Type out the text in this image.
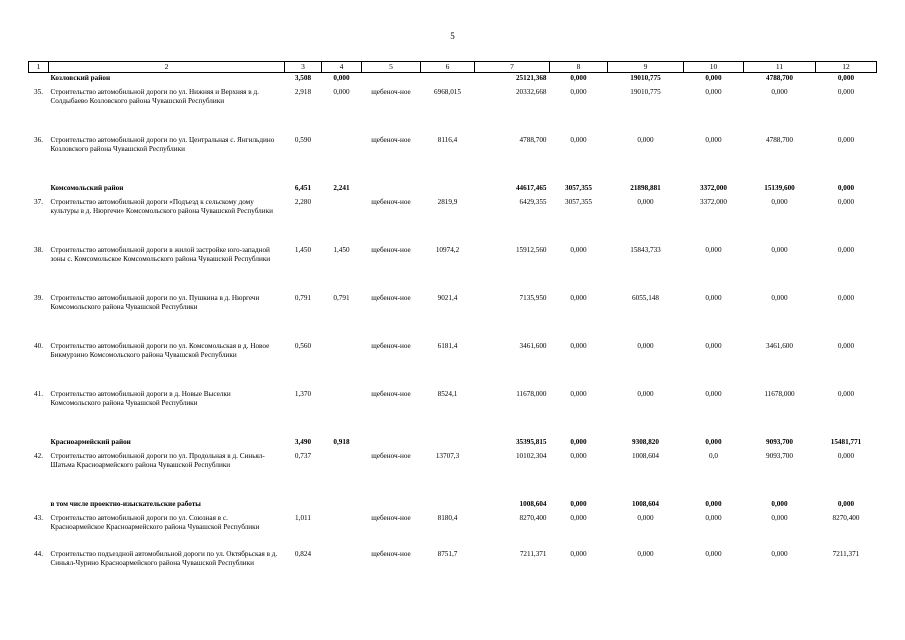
5
1	2	3	4	5	6	7	8	9	10	11	12
	Козловский район	3,508	0,000			25121,368	0,000	19010,775	0,000	4788,700	0,000
35.	Строительство автомобильной дороги по ул. Нижняя и Верхняя в д. Солдыбаево Козловского района Чувашской Республики	2,918	0,000	щебеноч-ное	6968,015	20332,668	0,000	19010,775	0,000	0,000	0,000
36.	Строительство автомобильной дороги по ул. Центральная с. Янгильдино Козловского района Чувашской Республики	0,590		щебеноч-ное	8116,4	4788,700	0,000	0,000	0,000	4788,700	0,000
	Комсомольский район	6,451	2,241			44617,465	3057,355	21898,881	3372,000	15139,600	0,000
37.	Строительство автомобильной дороги «Подъезд к сельскому дому культуры в д. Нюргечи» Комсомольского района Чувашской Республики	2,280		щебеноч-ное	2819,9	6429,355	3057,355	0,000	3372,000	0,000	0,000
38.	Строительство автомобильной дороги в жилой застройке юго-западной зоны с. Комсомольское Комсомольского района Чувашской Республики	1,450	1,450	щебеноч-ное	10974,2	15912,560	0,000	15843,733	0,000	0,000	0,000
39.	Строительство автомобильной дороги по ул. Пушкина в д. Нюргечи Комсомольского района Чувашской Республики	0,791	0,791	щебеноч-ное	9021,4	7135,950	0,000	6055,148	0,000	0,000	0,000
40.	Строительство автомобильной дороги по ул. Комсомольская в д. Новое Бикмурзино Комсомольского района Чувашской Республики	0,560		щебеноч-ное	6181,4	3461,600	0,000	0,000	0,000	3461,600	0,000
41.	Строительство автомобильной дороги в д. Новые Выселки Комсомольского района Чувашской Республики	1,370		щебеноч-ное	8524,1	11678,000	0,000	0,000	0,000	11678,000	0,000
	Красноармейский район	3,490	0,918			35395,815	0,000	9308,820	0,000	9093,700	15481,771
42.	Строительство автомобильной дороги по ул. Продольная в д. Синьял-Шатьма Красноармейского района Чувашской Республики	0,737		щебеноч-ное	13707,3	10102,304	0,000	1008,604	0,0	9093,700	0,000
	в том числе проектно-изыскательские работы					1008,604	0,000	1008,604	0,000	0,000	0,000
43.	Строительство автомобильной дороги по ул. Союзная в с. Красноармейское Красноармейского района Чувашской Республики	1,011		щебеноч-ное	8180,4	8270,400	0,000	0,000	0,000	0,000	8270,400
44.	Строительство подъездной автомобильной дороги по ул. Октябрьская в д. Синьял-Чурино Красноармейского района Чувашской Республики	0,824		щебеноч-ное	8751,7	7211,371	0,000	0,000	0,000	0,000	7211,371
